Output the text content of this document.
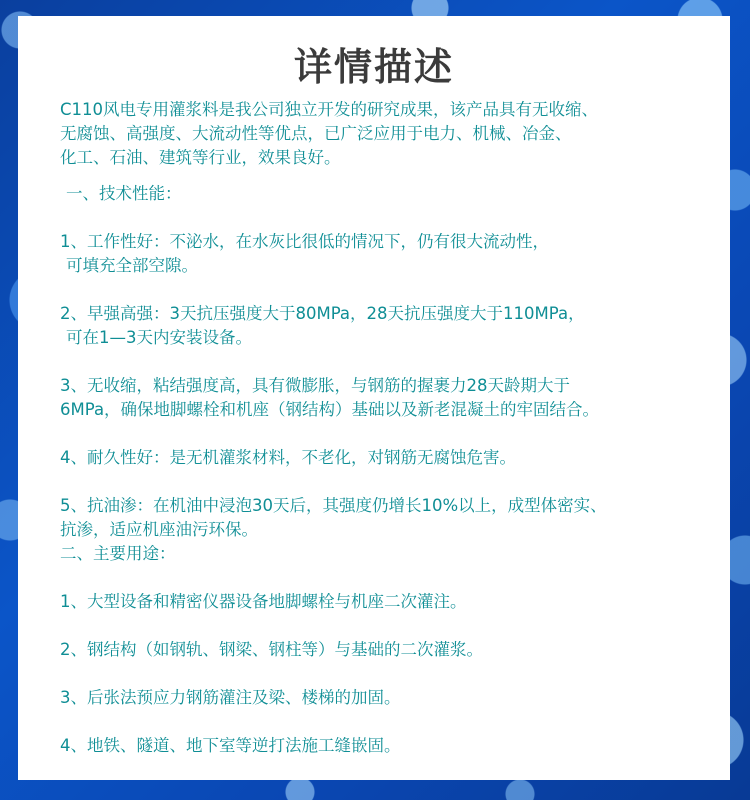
详情描述
C110风电专用灌浆料是我公司独立开发的研究成果，该产品具有无收缩、
无腐蚀、高强度、大流动性等优点，已广泛应用于电力、机械、冶金、
化工、石油、建筑等行业，效果良好。
一、技术性能：
1、工作性好：不泌水，在水灰比很低的情况下，仍有很大流动性，
可填充全部空隙。
2、早强高强：3天抗压强度大于80MPa，28天抗压强度大于110MPa，
可在1—3天内安装设备。
3、无收缩，粘结强度高，具有微膨胀，与钢筋的握裹力28天龄期大于
6MPa，确保地脚螺栓和机座（钢结构）基础以及新老混凝土的牢固结合。
4、耐久性好：是无机灌浆材料，不老化，对钢筋无腐蚀危害。
5、抗油渗：在机油中浸泡30天后，其强度仍增长10%以上，成型体密实、
抗渗，适应机座油污环保。
二、主要用途：
1、大型设备和精密仪器设备地脚螺栓与机座二次灌注。
2、钢结构（如钢轨、钢梁、钢柱等）与基础的二次灌浆。
3、后张法预应力钢筋灌注及梁、楼梯的加固。
4、地铁、隧道、地下室等逆打法施工缝嵌固。
